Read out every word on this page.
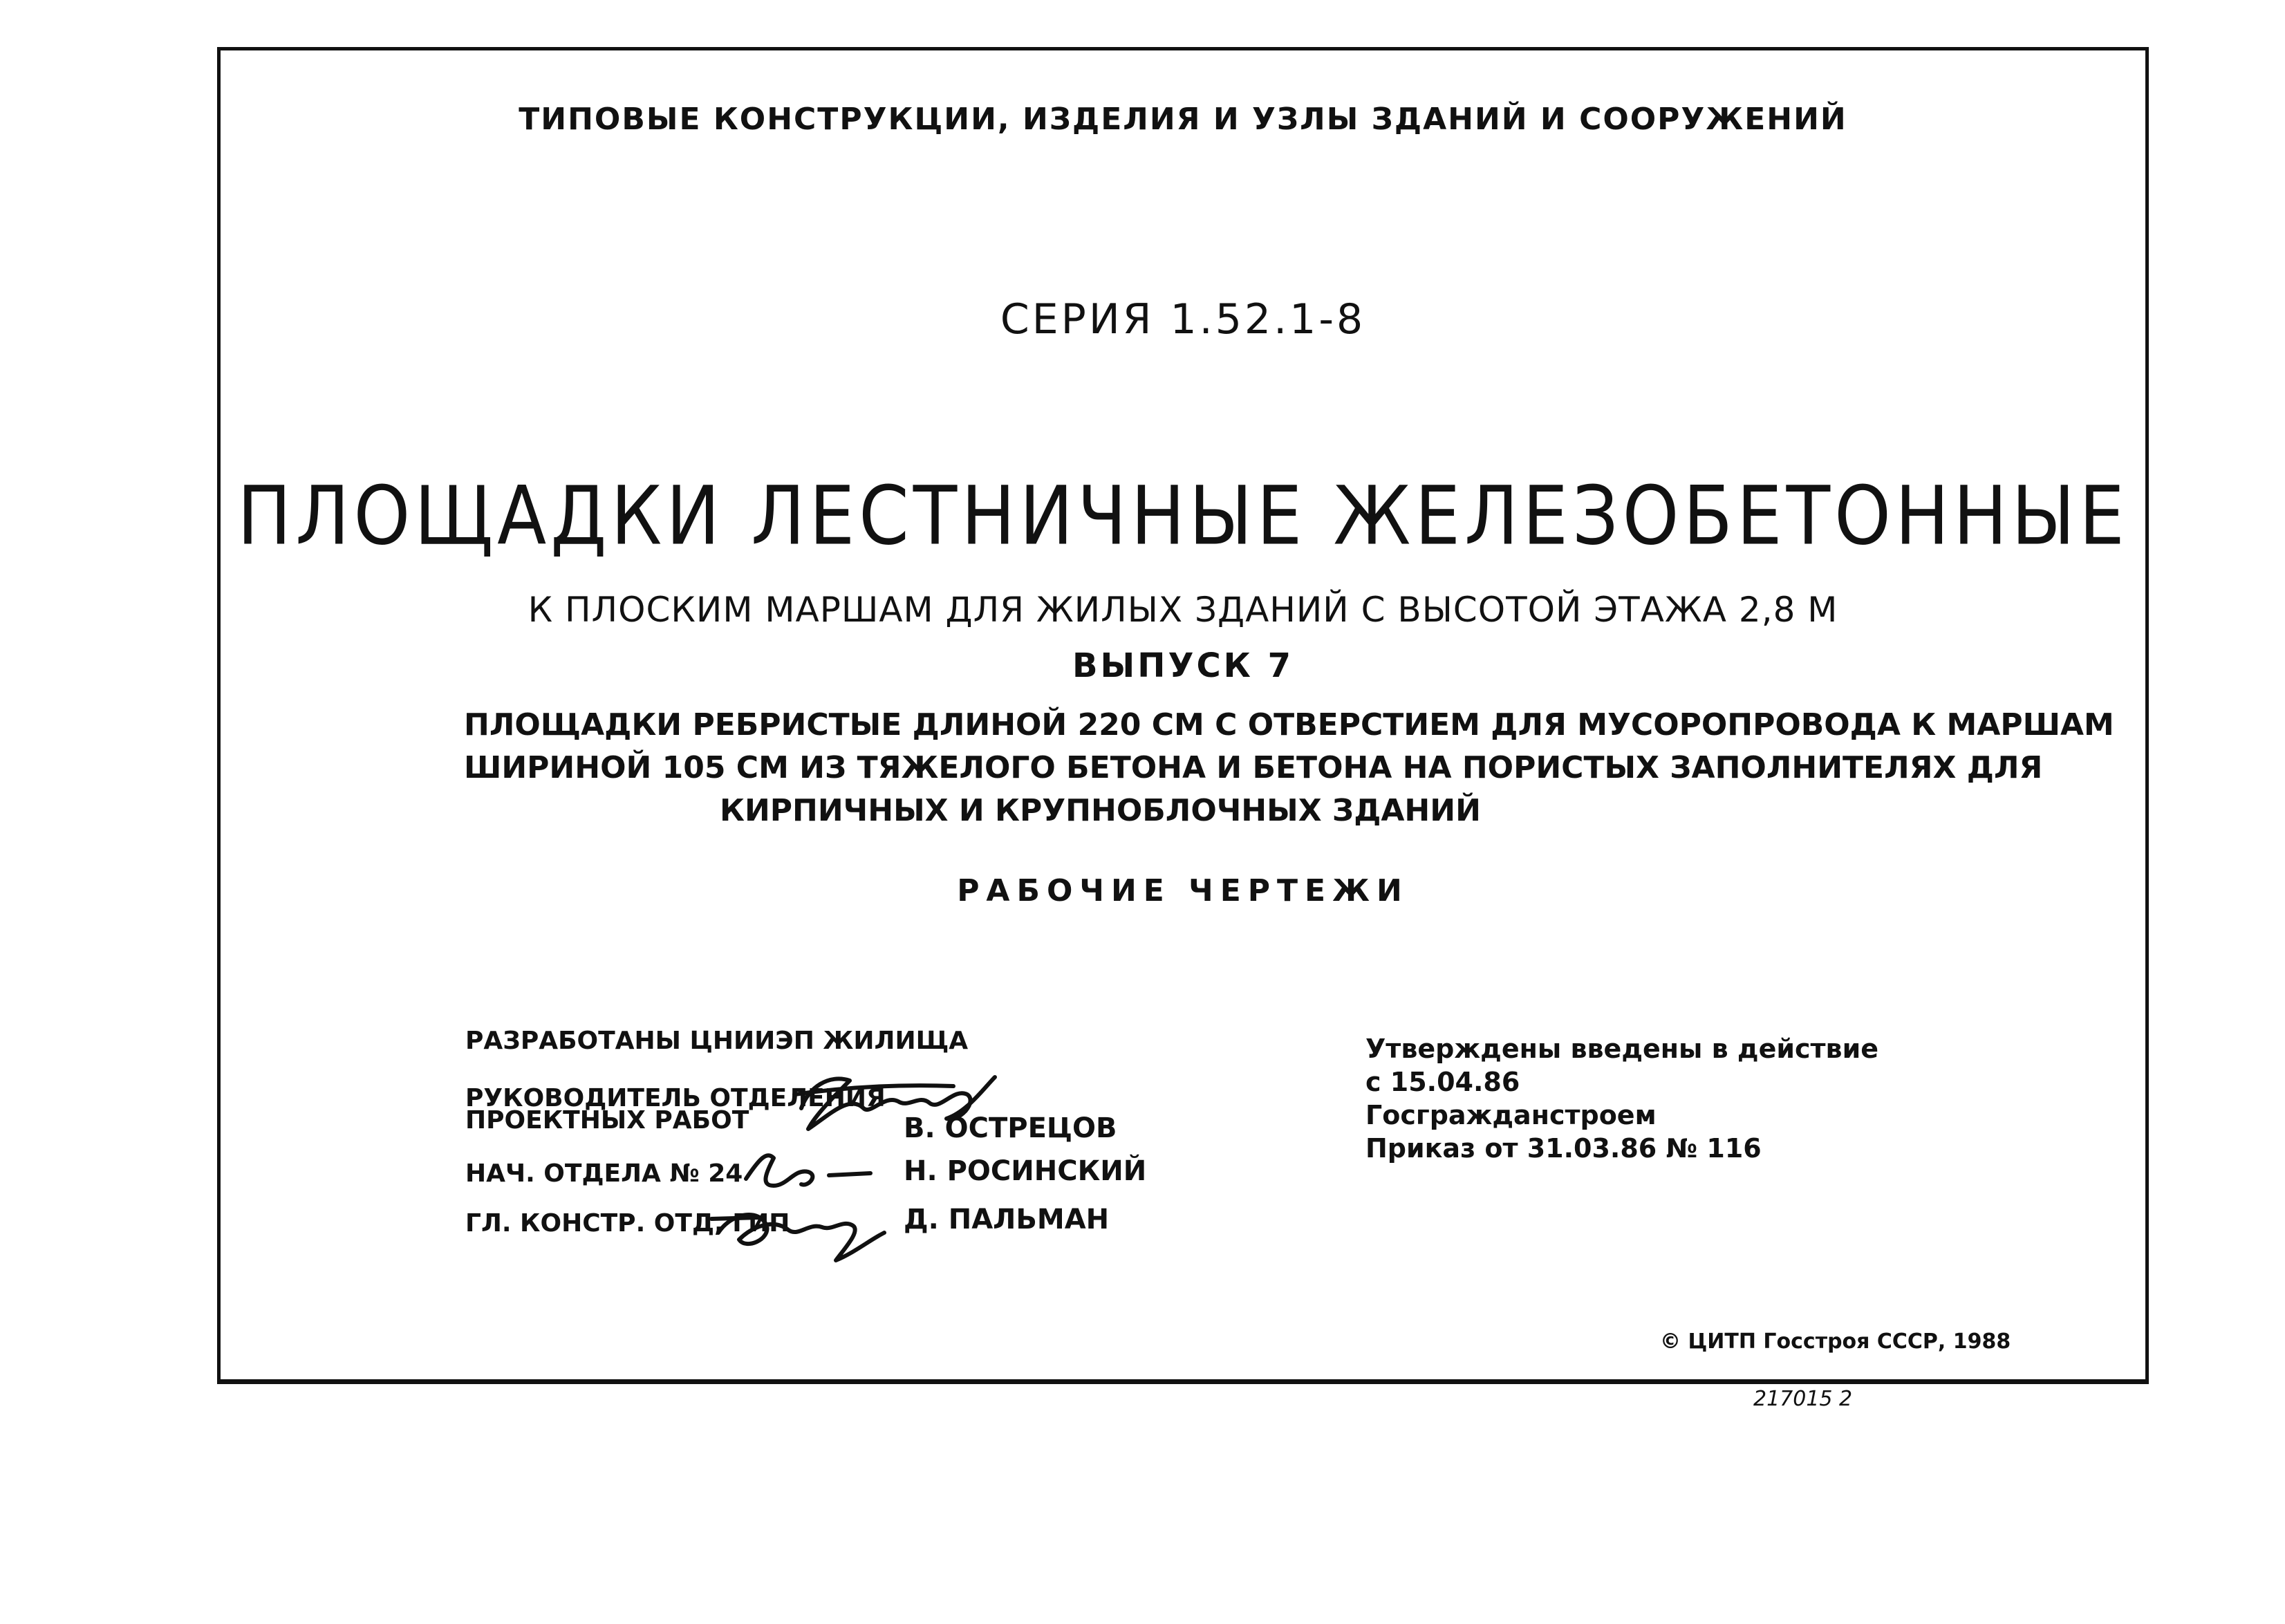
ТИПОВЫЕ КОНСТРУКЦИИ, ИЗДЕЛИЯ И УЗЛЫ ЗДАНИЙ И СООРУЖЕНИЙ
СЕРИЯ 1.52.1-8
ПЛОЩАДКИ ЛЕСТНИЧНЫЕ ЖЕЛЕЗОБЕТОННЫЕ
К ПЛОСКИМ МАРШАМ ДЛЯ ЖИЛЫХ ЗДАНИЙ С ВЫСОТОЙ ЭТАЖА 2,8 М
ВЫПУСК 7
ПЛОЩАДКИ РЕБРИСТЫЕ ДЛИНОЙ 220 СМ С ОТВЕРСТИЕМ ДЛЯ МУСОРОПРОВОДА К МАРШАМ
ШИРИНОЙ 105 СМ ИЗ ТЯЖЕЛОГО БЕТОНА И БЕТОНА НА ПОРИСТЫХ ЗАПОЛНИТЕЛЯХ ДЛЯ
КИРПИЧНЫХ И КРУПНОБЛОЧНЫХ ЗДАНИЙ
РАБОЧИЕ ЧЕРТЕЖИ
РАЗРАБОТАНЫ ЦНИИЭП ЖИЛИЩА
РУКОВОДИТЕЛЬ ОТДЕЛЕНИЯ
ПРОЕКТНЫХ РАБОТ	В. ОСТРЕЦОВ
НАЧ. ОТДЕЛА № 24	Н. РОСИНСКИЙ
ГЛ. КОНСТР. ОТД, ГИП	Д. ПАЛЬМАН
Утверждены введены в действие
с 15.04.86
Госгражданстроем
Приказ от 31.03.86 № 116
© ЦИТП Госстроя СССР, 1988
217015 2
